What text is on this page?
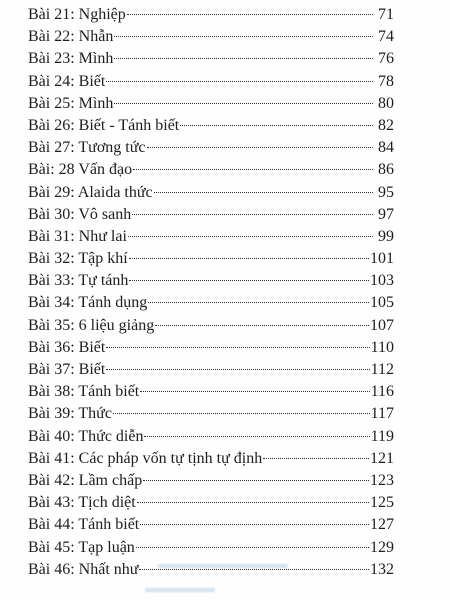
Bài 21: Nghiệp	71
Bài 22: Nhẫn	74
Bài 23: Mình	76
Bài 24: Biết	78
Bài 25: Mình	80
Bài 26: Biết - Tánh biết	82
Bài 27: Tương tức	84
Bài: 28 Vấn đạo	86
Bài 29: Alaida thức	95
Bài 30: Vô sanh	97
Bài 31: Như lai	99
Bài 32: Tập khí	101
Bài 33: Tự tánh	103
Bài 34: Tánh dụng	105
Bài 35: 6 liệu giảng	107
Bài 36: Biết	110
Bài 37: Biết	112
Bài 38: Tánh biết	116
Bài 39: Thức	117
Bài 40: Thức diễn	119
Bài 41: Các pháp vốn tự tịnh tự định	121
Bài 42: Lầm chấp	123
Bài 43: Tịch diệt	125
Bài 44: Tánh biết	127
Bài 45: Tạp luận	129
Bài 46: Nhất như	132
